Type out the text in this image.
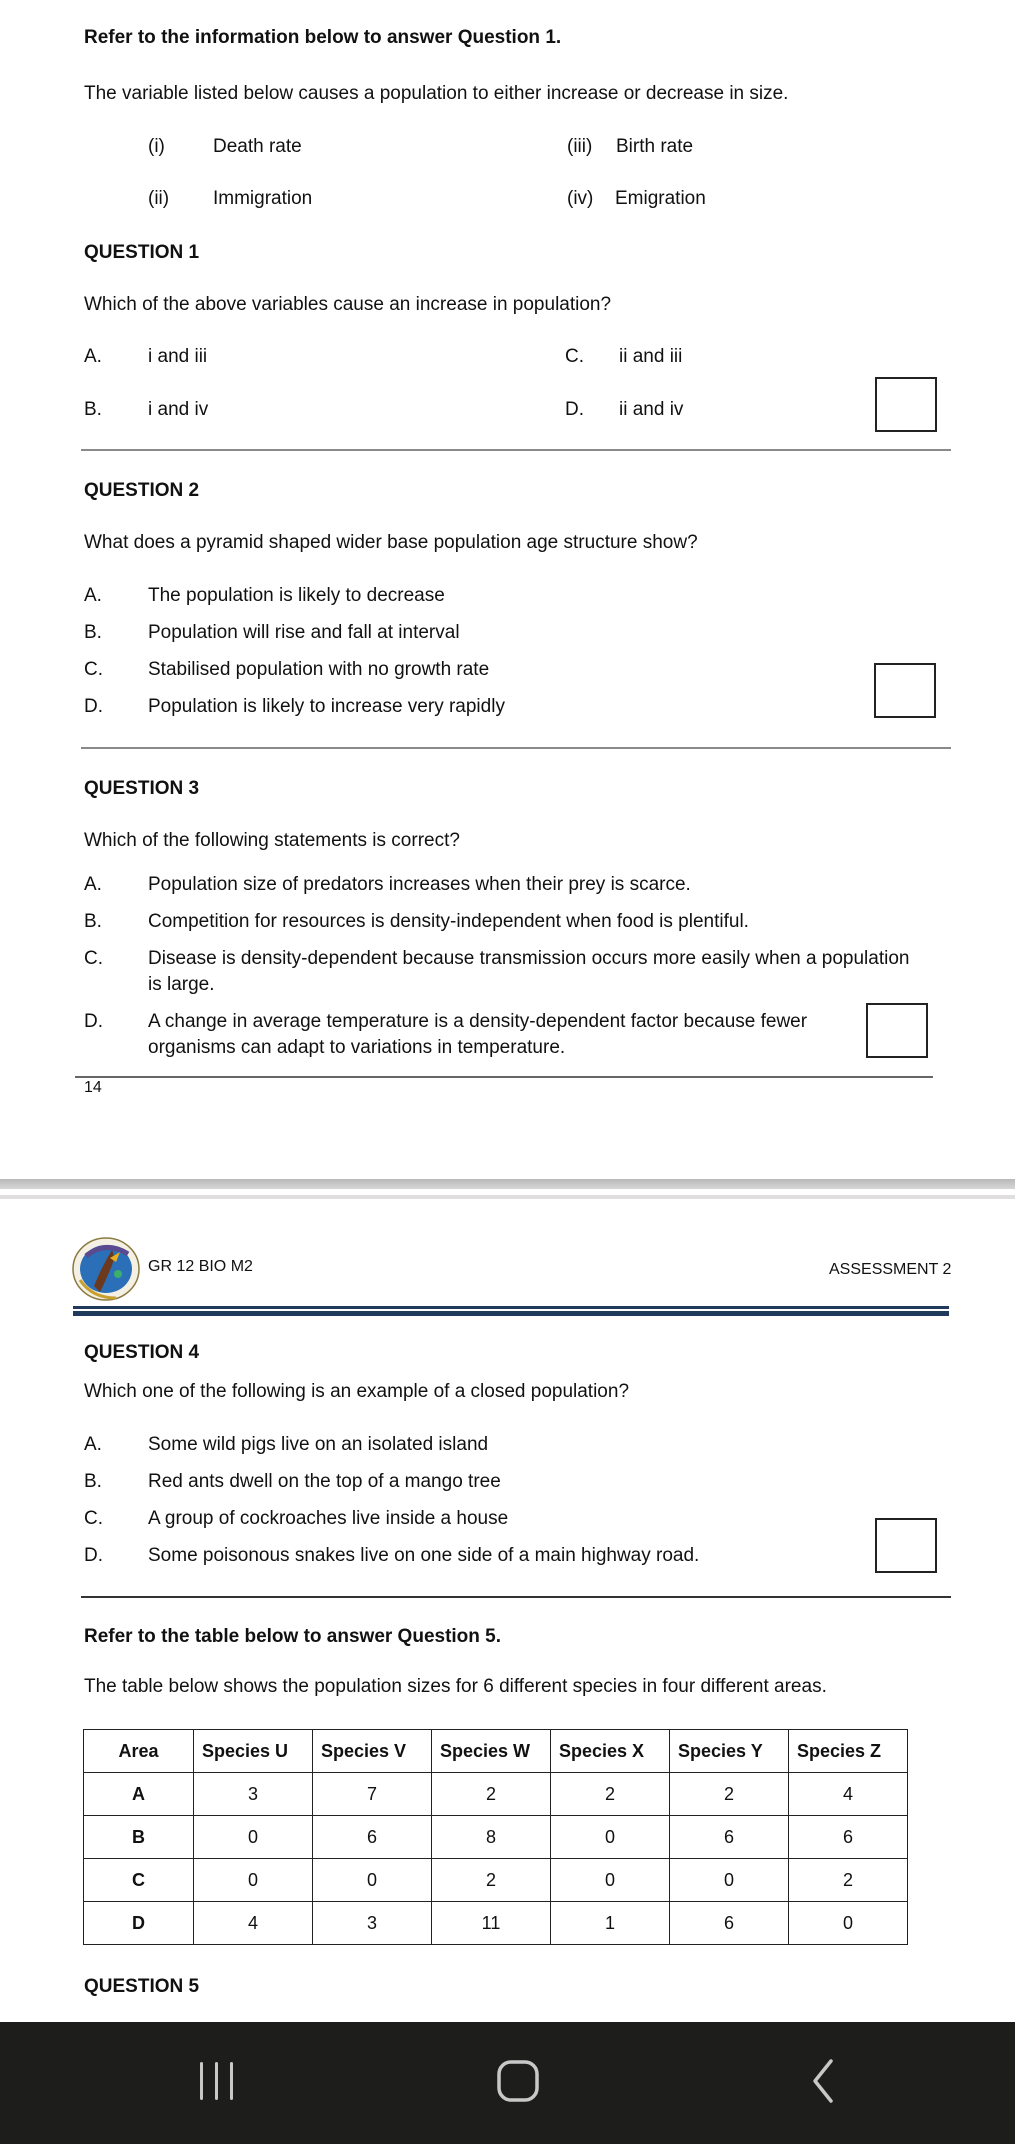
Refer to the information below to answer Question 1.
The variable listed below causes a population to either increase or decrease in size.
(i)	Death rate
(ii) Immigration
(iii) Birth rate
(iv) Emigration
QUESTION 1
Which of the above variables cause an increase in population?
A. i and iii
B. i and iv
C. ii and iii
D. ii and iv
QUESTION 2
What does a pyramid shaped wider base population age structure show?
A. The population is likely to decrease
B. Population will rise and fall at interval
C. Stabilised population with no growth rate
D. Population is likely to increase very rapidly
QUESTION 3
Which of the following statements is correct?
A. Population size of predators increases when their prey is scarce.
B. Competition for resources is density-independent when food is plentiful.
C. Disease is density-dependent because transmission occurs more easily when a population
is large.
D. A change in average temperature is a density-dependent factor because fewer
organisms can adapt to variations in temperature.
14
GR 12 BIO M2	ASSESSMENT 2
QUESTION 4
Which one of the following is an example of a closed population?
A. Some wild pigs live on an isolated island
B. Red ants dwell on the top of a mango tree
C. A group of cockroaches live inside a house
D. Some poisonous snakes live on one side of a main highway road.
Refer to the table below to answer Question 5.
The table below shows the population sizes for 6 different species in four different areas.
Area	Species U	Species V	Species W	Species X	Species Y	Species Z
A	3	7	2	2	2	4
B	0	6	8	0	6	6
C	0	0	2	0	0	2
D	4	3	11	1	6	0
QUESTION 5
